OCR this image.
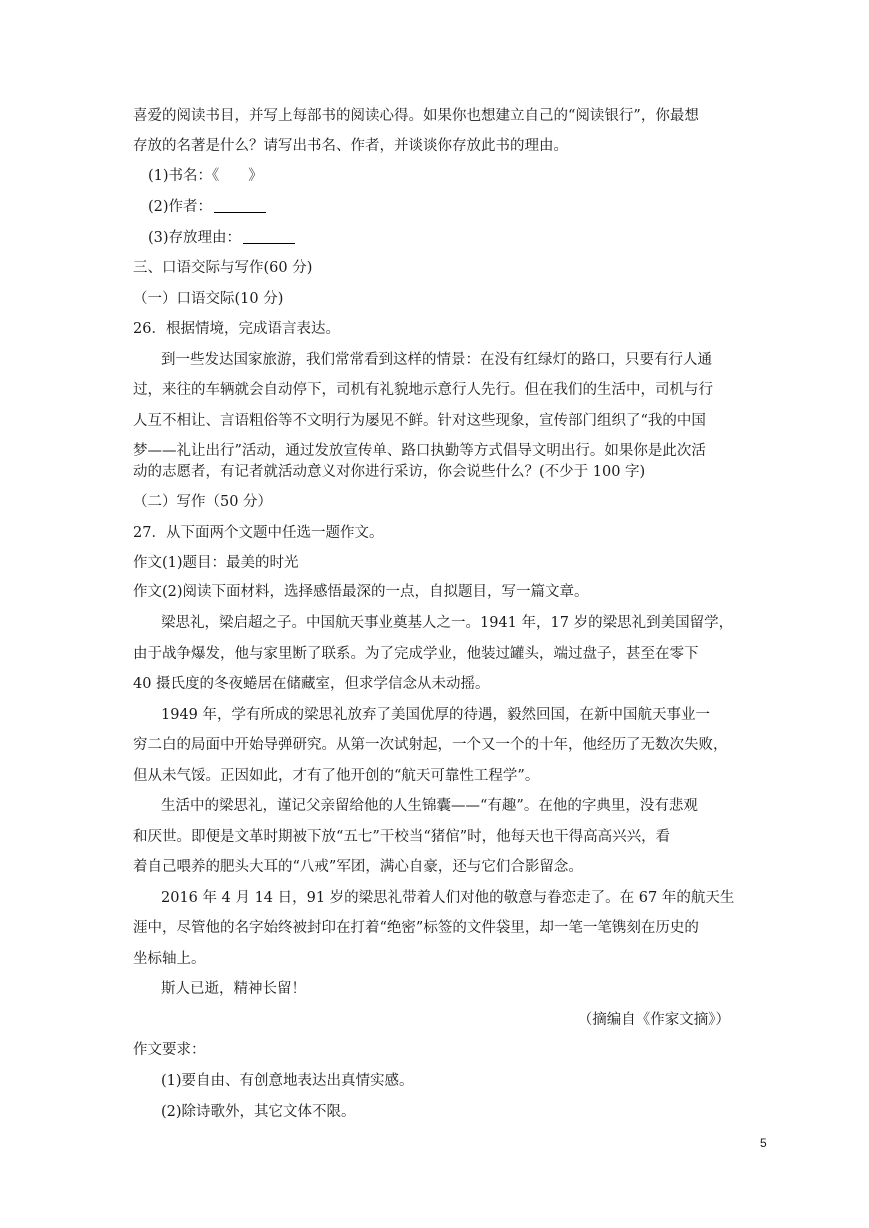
喜爱的阅读书目，并写上每部书的阅读心得。如果你也想建立自己的“阅读银行”，你最想
存放的名著是什么？请写出书名、作者，并谈谈你存放此书的理由。
(1)书名：《　　》
(2)作者：
(3)存放理由：
三、口语交际与写作(60 分)
（一）口语交际(10 分)
26．根据情境，完成语言表达。
到一些发达国家旅游，我们常常看到这样的情景：在没有红绿灯的路口，只要有行人通
过，来往的车辆就会自动停下，司机有礼貌地示意行人先行。但在我们的生活中，司机与行
人互不相让、言语粗俗等不文明行为屡见不鲜。针对这些现象，宣传部门组织了“我的中国
梦——礼让出行”活动，通过发放宣传单、路口执勤等方式倡导文明出行。如果你是此次活
动的志愿者，有记者就活动意义对你进行采访，你会说些什么？(不少于 100 字)
（二）写作（50 分）
27．从下面两个文题中任选一题作文。
作文(1)题目：最美的时光
作文(2)阅读下面材料，选择感悟最深的一点，自拟题目，写一篇文章。
梁思礼，梁启超之子。中国航天事业奠基人之一。1941 年，17 岁的梁思礼到美国留学，
由于战争爆发，他与家里断了联系。为了完成学业，他装过罐头，端过盘子，甚至在零下
40 摄氏度的冬夜蜷居在储藏室，但求学信念从未动摇。
1949 年，学有所成的梁思礼放弃了美国优厚的待遇，毅然回国，在新中国航天事业一
穷二白的局面中开始导弹研究。从第一次试射起，一个又一个的十年，他经历了无数次失败，
但从未气馁。正因如此，才有了他开创的“航天可靠性工程学”。
生活中的梁思礼，谨记父亲留给他的人生锦囊——“有趣”。在他的字典里，没有悲观
和厌世。即便是文革时期被下放“五七”干校当“猪倌”时，他每天也干得高高兴兴，看
着自己喂养的肥头大耳的“八戒”军团，满心自豪，还与它们合影留念。
2016 年 4 月 14 日，91 岁的梁思礼带着人们对他的敬意与眷恋走了。在 67 年的航天生
涯中，尽管他的名字始终被封印在打着“绝密”标签的文件袋里，却一笔一笔镌刻在历史的
坐标轴上。
斯人已逝，精神长留！
（摘编自《作家文摘》）
作文要求：
(1)要自由、有创意地表达出真情实感。
(2)除诗歌外，其它文体不限。
5
